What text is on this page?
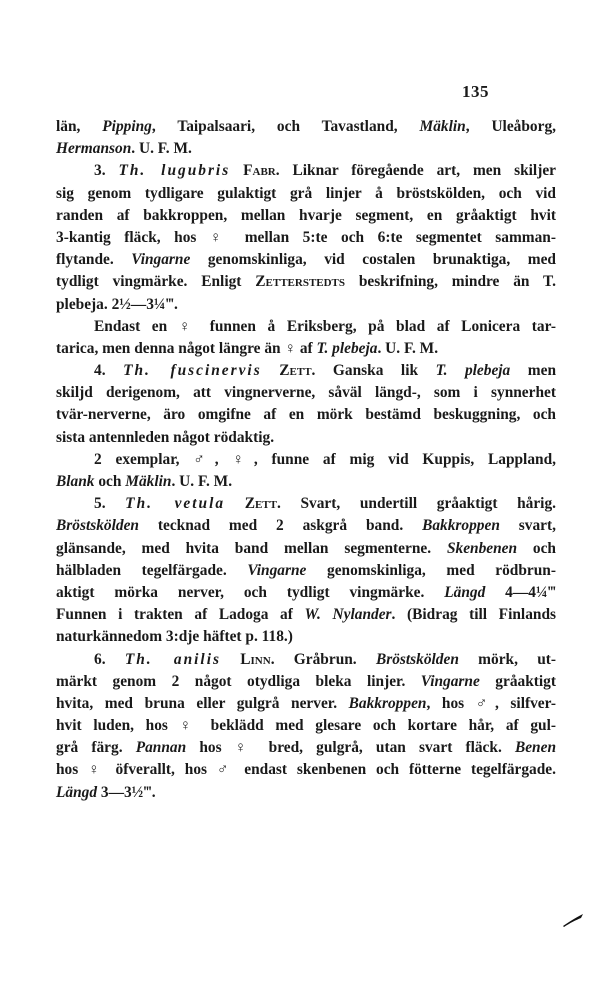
135
län, Pipping, Taipalsaari, och Tavastland, Mäklin, Uleåborg,
Hermanson. U. F. M.
3. Th. lugubris Fabr. Liknar föregående art, men skiljer
sig genom tydligare gulaktigt grå linjer å bröstskölden, och vid
randen af bakkroppen, mellan hvarje segment, en gråaktigt hvit
3-kantig fläck, hos ♀ mellan 5:te och 6:te segmentet samman-
flytande. Vingarne genomskinliga, vid costalen brunaktiga, med
tydligt vingmärke. Enligt Zetterstedts beskrifning, mindre än T.
plebeja. 2½—3¼‴.
Endast en ♀ funnen å Eriksberg, på blad af Lonicera tar-
tarica, men denna något längre än ♀ af T. plebeja. U. F. M.
4. Th. fuscinervis Zett. Ganska lik T. plebeja men
skiljd derigenom, att vingnerverne, såväl längd-, som i synnerhet
tvär-nerverne, äro omgifne af en mörk bestämd beskuggning, och
sista antennleden något rödaktig.
2 exemplar, ♂, ♀, funne af mig vid Kuppis, Lappland,
Blank och Mäklin. U. F. M.
5. Th. vetula Zett. Svart, undertill gråaktigt hårig.
Bröstskölden tecknad med 2 askgrå band. Bakkroppen svart,
glänsande, med hvita band mellan segmenterne. Skenbenen och
hälbladen tegelfärgade. Vingarne genomskinliga, med rödbrun-
aktigt mörka nerver, och tydligt vingmärke. Längd 4—4¼‴
Funnen i trakten af Ladoga af W. Nylander. (Bidrag till Finlands
naturkännedom 3:dje häftet p. 118.)
6. Th. anilis Linn. Gråbrun. Bröstskölden mörk, ut-
märkt genom 2 något otydliga bleka linjer. Vingarne gråaktigt
hvita, med bruna eller gulgrå nerver. Bakkroppen, hos ♂, silfver-
hvit luden, hos ♀ beklädd med glesare och kortare hår, af gul-
grå färg. Pannan hos ♀ bred, gulgrå, utan svart fläck. Benen
hos ♀ öfverallt, hos ♂ endast skenbenen och fötterne tegelfärgade.
Längd 3—3½‴.
